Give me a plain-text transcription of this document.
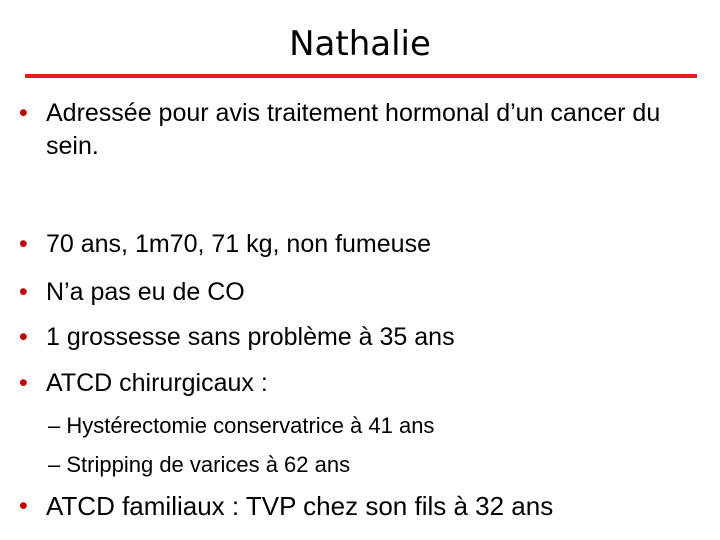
Nathalie
• Adressée pour avis traitement hormonal d’un cancer du sein.
• 70 ans, 1m70, 71 kg, non fumeuse
• N’a pas eu de CO
• 1 grossesse sans problème à 35 ans
• ATCD chirurgicaux :
– Hystérectomie conservatrice à 41 ans
– Stripping de varices à 62 ans
• ATCD familiaux : TVP chez son fils à 32 ans
